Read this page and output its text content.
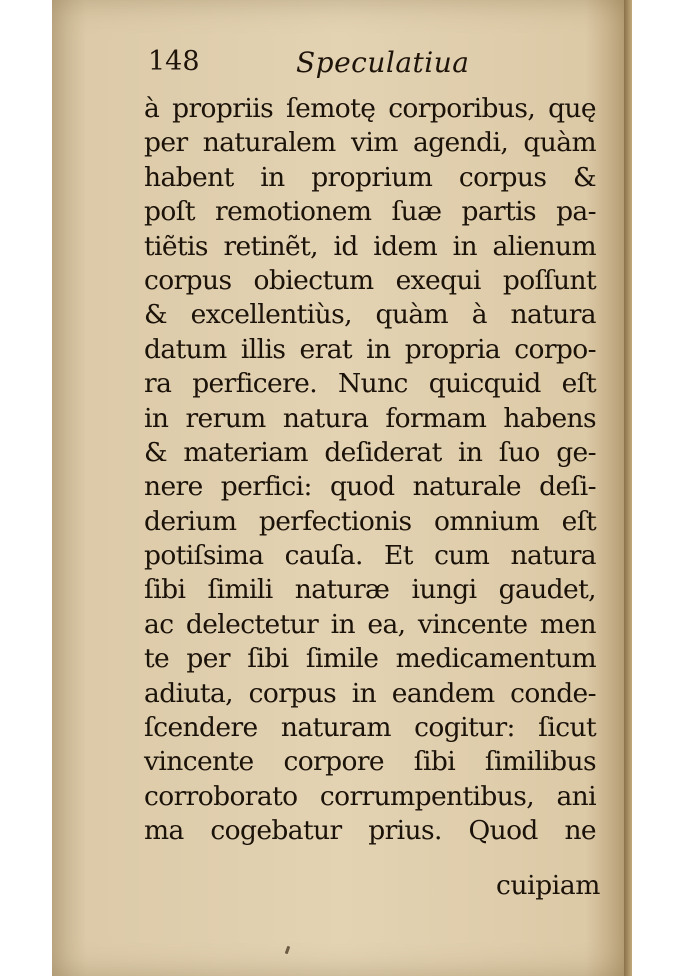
148	Speculatiua
à propriis ſemotę corporibus, quę
per naturalem vim agendi, quàm
habent in proprium corpus &
poſt remotionem ſuæ partis pa-
tiẽtis retinẽt, id idem in alienum
corpus obiectum exequi poſſunt
& excellentiùs, quàm à natura
datum illis erat in propria corpo-
ra perficere. Nunc quicquid eſt
in rerum natura formam habens
& materiam deſiderat in ſuo ge-
nere perfici: quod naturale deſi-
derium perfectionis omnium eſt
potiſsima cauſa. Et cum natura
ſibi ſimili naturæ iungi gaudet,
ac delectetur in ea, vincente men
te per ſibi ſimile medicamentum
adiuta, corpus in eandem conde-
ſcendere naturam cogitur: ſicut
vincente corpore ſibi ſimilibus
corroborato corrumpentibus, ani
ma cogebatur prius. Quod ne
cuipiam
